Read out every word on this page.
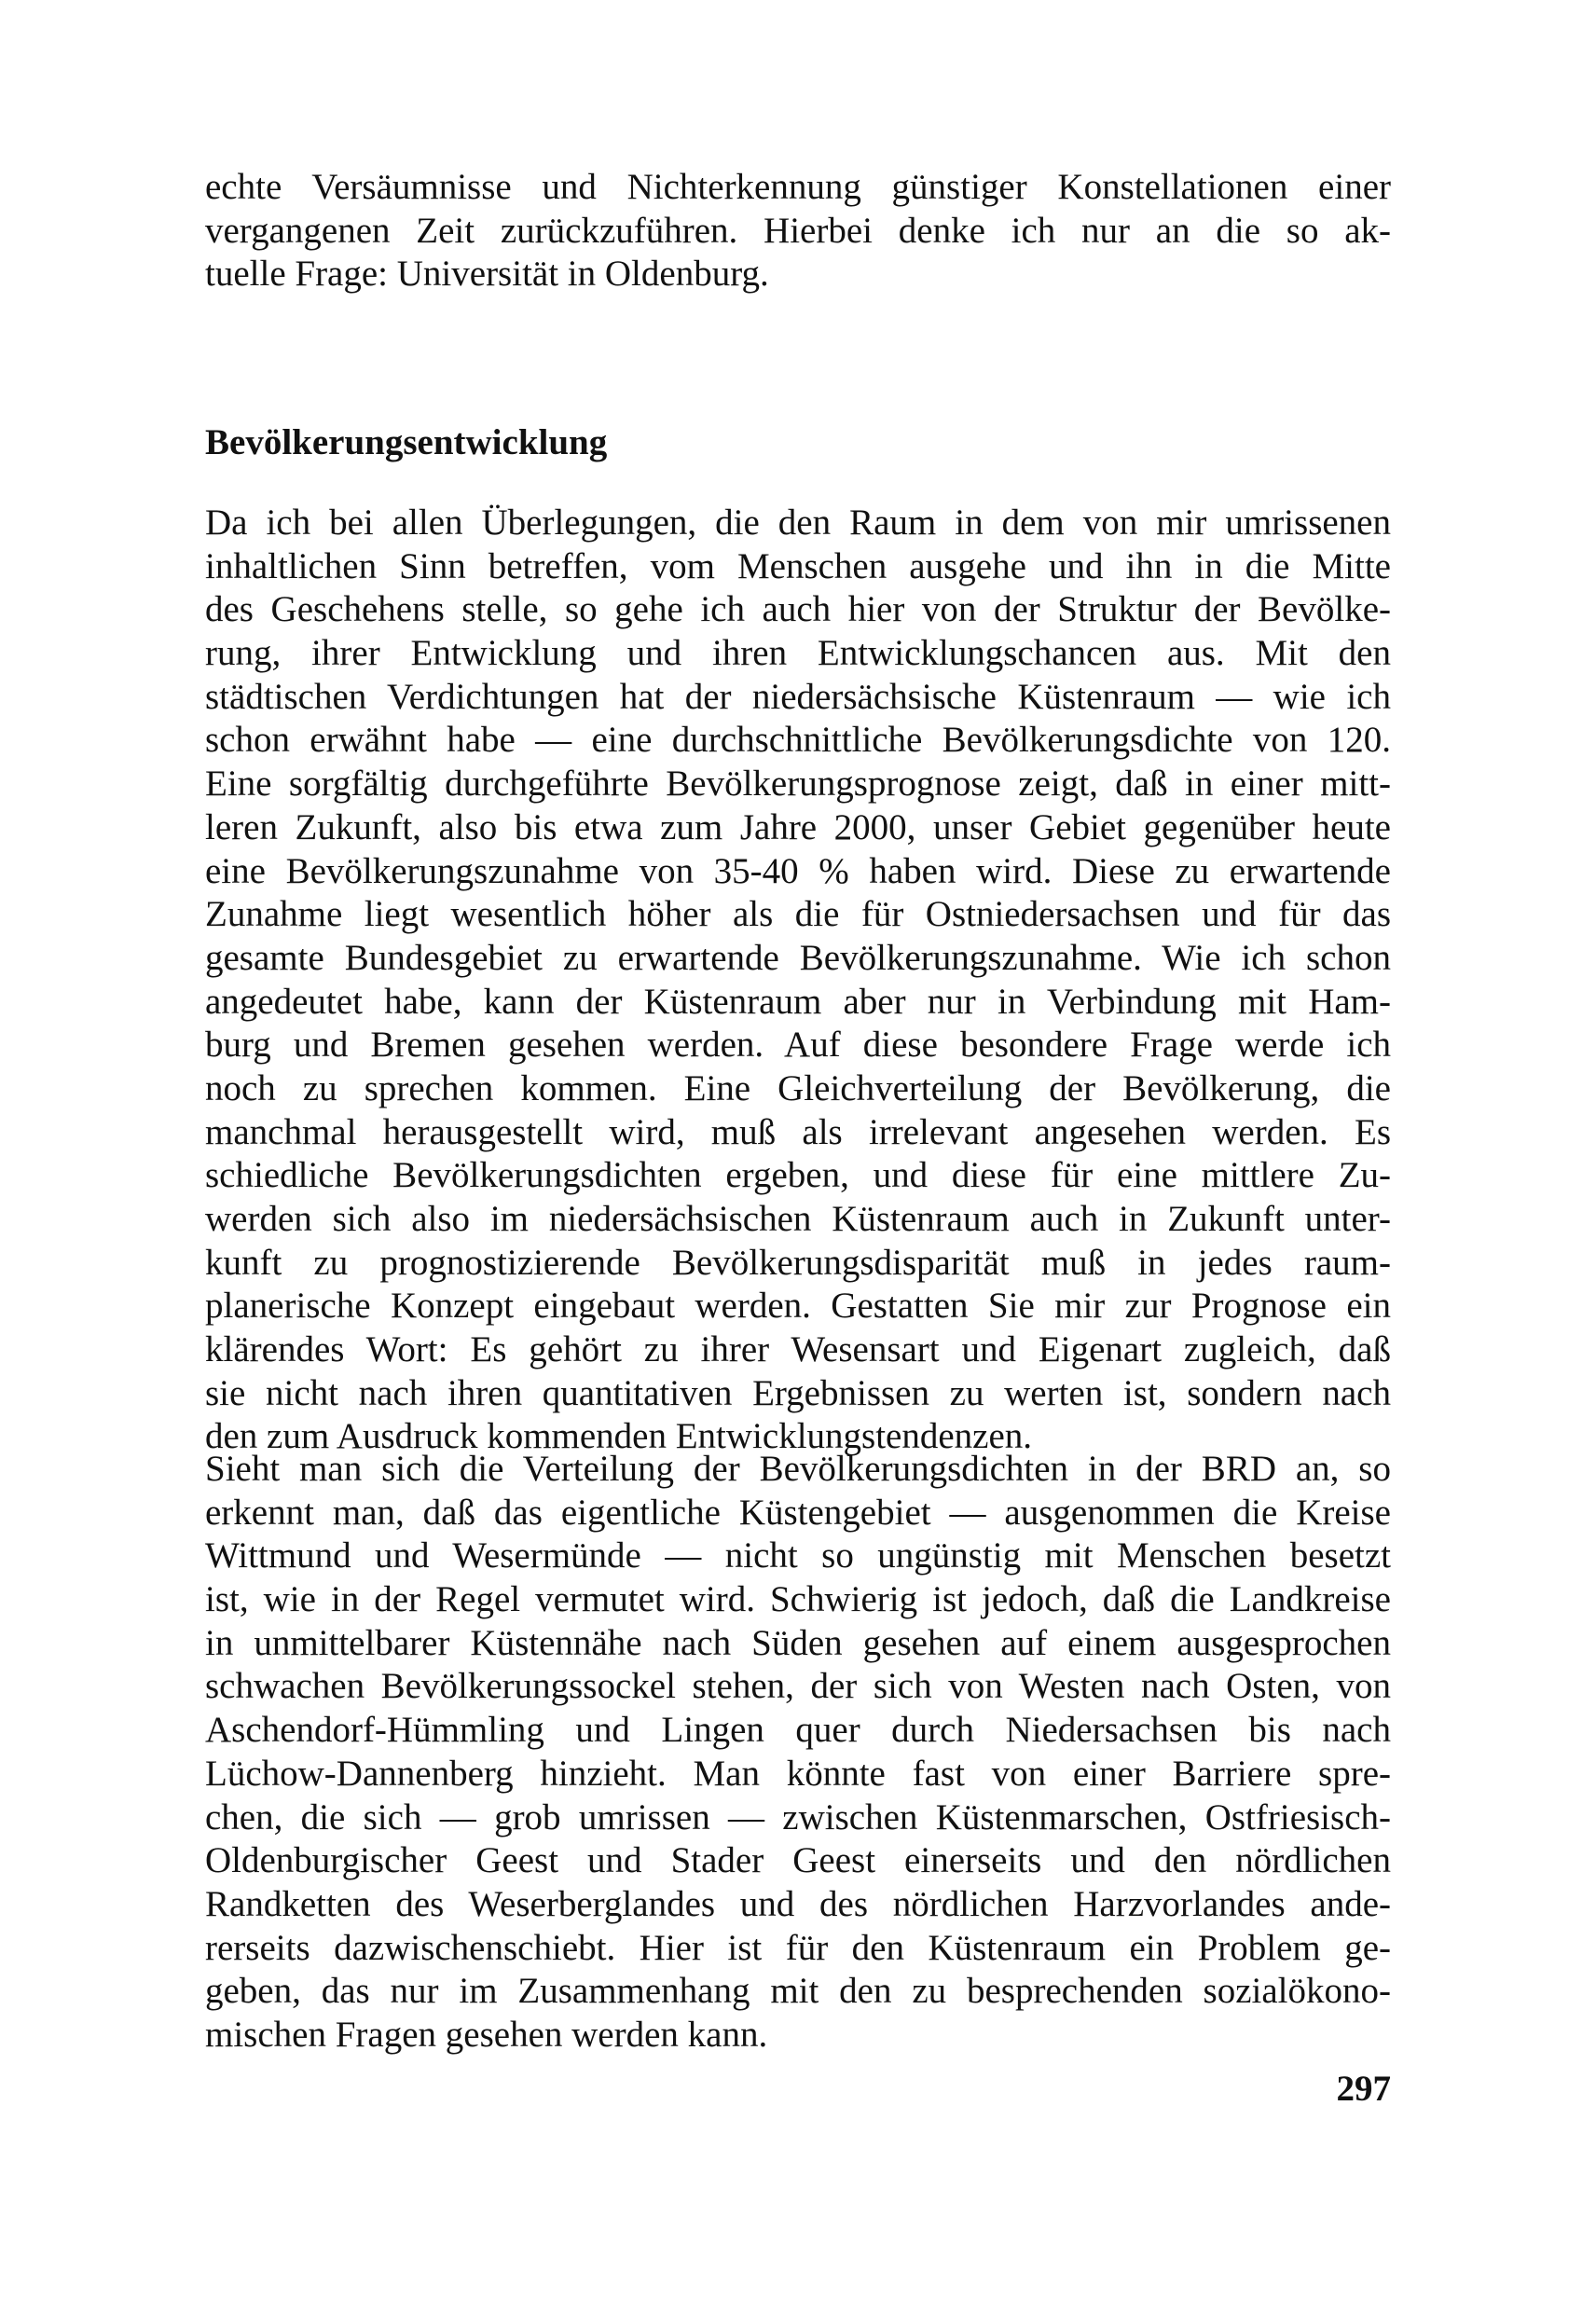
echte Versäumnisse und Nichterkennung günstiger Konstellationen einer
vergangenen Zeit zurückzuführen. Hierbei denke ich nur an die so ak-
tuelle Frage: Universität in Oldenburg.
Bevölkerungsentwicklung
Da ich bei allen Überlegungen, die den Raum in dem von mir umrissenen
inhaltlichen Sinn betreffen, vom Menschen ausgehe und ihn in die Mitte
des Geschehens stelle, so gehe ich auch hier von der Struktur der Bevölke-
rung, ihrer Entwicklung und ihren Entwicklungschancen aus. Mit den
städtischen Verdichtungen hat der niedersächsische Küstenraum — wie ich
schon erwähnt habe — eine durchschnittliche Bevölkerungsdichte von 120.
Eine sorgfältig durchgeführte Bevölkerungsprognose zeigt, daß in einer mitt-
leren Zukunft, also bis etwa zum Jahre 2000, unser Gebiet gegenüber heute
eine Bevölkerungszunahme von 35-40 % haben wird. Diese zu erwartende
Zunahme liegt wesentlich höher als die für Ostniedersachsen und für das
gesamte Bundesgebiet zu erwartende Bevölkerungszunahme. Wie ich schon
angedeutet habe, kann der Küstenraum aber nur in Verbindung mit Ham-
burg und Bremen gesehen werden. Auf diese besondere Frage werde ich
noch zu sprechen kommen. Eine Gleichverteilung der Bevölkerung, die
manchmal herausgestellt wird, muß als irrelevant angesehen werden. Es
schiedliche Bevölkerungsdichten ergeben, und diese für eine mittlere Zu-
werden sich also im niedersächsischen Küstenraum auch in Zukunft unter-
kunft zu prognostizierende Bevölkerungsdisparität muß in jedes raum-
planerische Konzept eingebaut werden. Gestatten Sie mir zur Prognose ein
klärendes Wort: Es gehört zu ihrer Wesensart und Eigenart zugleich, daß
sie nicht nach ihren quantitativen Ergebnissen zu werten ist, sondern nach
den zum Ausdruck kommenden Entwicklungstendenzen.
Sieht man sich die Verteilung der Bevölkerungsdichten in der BRD an, so
erkennt man, daß das eigentliche Küstengebiet — ausgenommen die Kreise
Wittmund und Wesermünde — nicht so ungünstig mit Menschen besetzt
ist, wie in der Regel vermutet wird. Schwierig ist jedoch, daß die Landkreise
in unmittelbarer Küstennähe nach Süden gesehen auf einem ausgesprochen
schwachen Bevölkerungssockel stehen, der sich von Westen nach Osten, von
Aschendorf-Hümmling und Lingen quer durch Niedersachsen bis nach
Lüchow-Dannenberg hinzieht. Man könnte fast von einer Barriere spre-
chen, die sich — grob umrissen — zwischen Küstenmarschen, Ostfriesisch-
Oldenburgischer Geest und Stader Geest einerseits und den nördlichen
Randketten des Weserberglandes und des nördlichen Harzvorlandes ande-
rerseits dazwischenschiebt. Hier ist für den Küstenraum ein Problem ge-
geben, das nur im Zusammenhang mit den zu besprechenden sozialökono-
mischen Fragen gesehen werden kann.
297
